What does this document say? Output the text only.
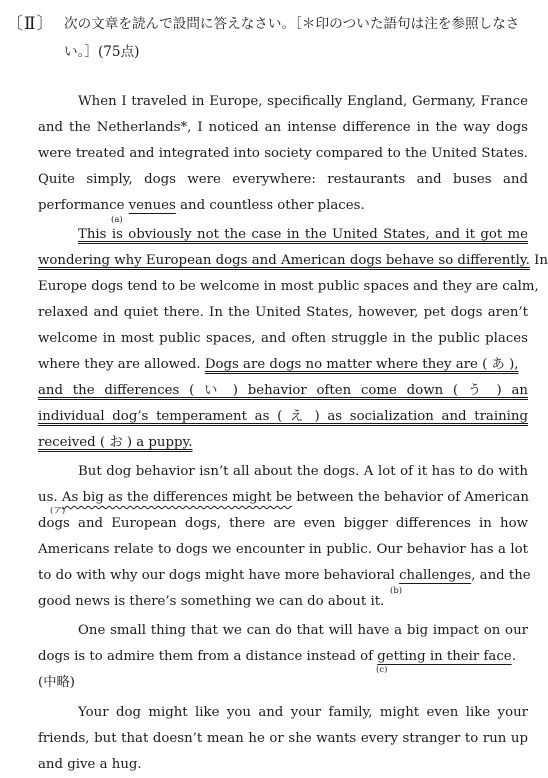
〔Ⅱ〕 次の文章を読んで設問に答えなさい。［＊印のついた語句は注を参照しなさ
い。］(75点)
When I traveled in Europe, specifically England, Germany, France
and the Netherlands*, I noticed an intense difference in the way dogs
were treated and integrated into society compared to the United States.
Quite simply, dogs were everywhere: restaurants and buses and
performance venues and countless other places.
(a)
This is obviously not the case in the United States, and it got me
wondering why European dogs and American dogs behave so differently. In
Europe dogs tend to be welcome in most public spaces and they are calm,
relaxed and quiet there. In the United States, however, pet dogs aren’t
welcome in most public spaces, and often struggle in the public places
where they are allowed. Dogs are dogs no matter where they are ( あ ),
and the differences ( い ) behavior often come down ( う ) an
individual dog’s temperament as ( え ) as socialization and training
received ( お ) a puppy.
But dog behavior isn’t all about the dogs. A lot of it has to do with
us. As big as the differences might be between the behavior of American
(ア)
dogs and European dogs, there are even bigger differences in how
Americans relate to dogs we encounter in public. Our behavior has a lot
to do with why our dogs might have more behavioral challenges, and the
(b)
good news is there’s something we can do about it.
One small thing that we can do that will have a big impact on our
dogs is to admire them from a distance instead of getting in their face.
(c)
(中略)
Your dog might like you and your family, might even like your
friends, but that doesn’t mean he or she wants every stranger to run up
and give a hug.
